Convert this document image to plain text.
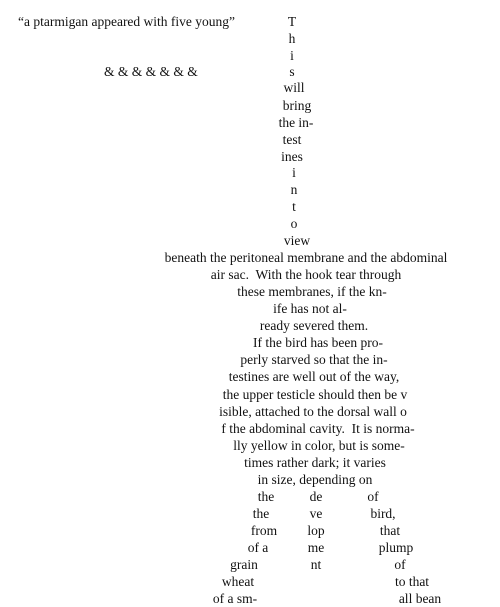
“a ptarmigan appeared with five young”
& & & & & & &
T
h
i
s
will
bring
the in-
test
ines
i
n
t
o
view
beneath the peritoneal membrane and the abdominal
air sac.  With the hook tear through
these membranes, if the kn-
ife has not al-
ready severed them.
If the bird has been pro-
perly starved so that the in-
testines are well out of the way,
the upper testicle should then be v
isible, attached to the dorsal wall o
f the abdominal cavity.  It is norma-
lly yellow in color, but is some-
times rather dark; it varies
in size, depending on
the
the
from
of a
grain
wheat
of a sm-
de
ve
lop
me
nt
of
bird,
that
plump
of
to that
all bean
